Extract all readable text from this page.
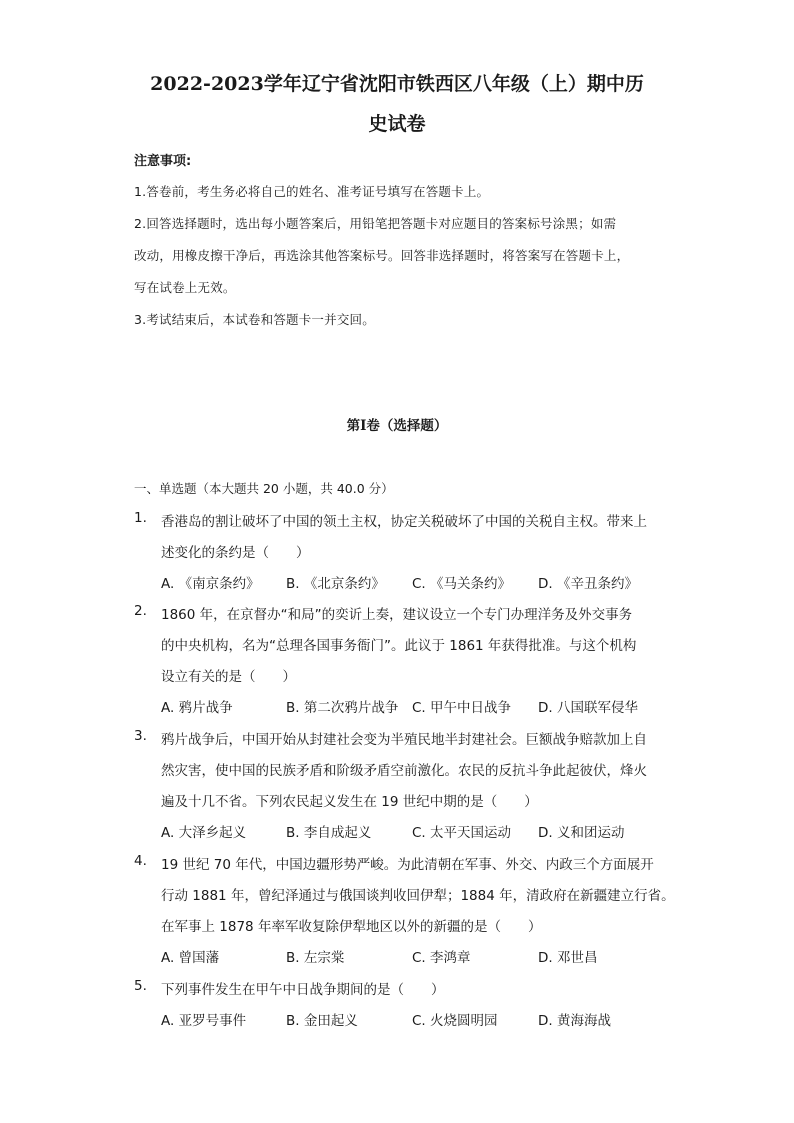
2022-2023学年辽宁省沈阳市铁西区八年级（上）期中历
史试卷
注意事项:
1.答卷前，考生务必将自己的姓名、准考证号填写在答题卡上。
2.回答选择题时，选出每小题答案后，用铅笔把答题卡对应题目的答案标号涂黑；如需
改动，用橡皮擦干净后，再选涂其他答案标号。回答非选择题时，将答案写在答题卡上，
写在试卷上无效。
3.考试结束后，本试卷和答题卡一并交回。
第I卷（选择题）
一、单选题（本大题共 20 小题，共 40.0 分）
1. 香港岛的割让破坏了中国的领土主权，协定关税破坏了中国的关税自主权。带来上
述变化的条约是（　　）
A. 《南京条约》 B. 《北京条约》 C. 《马关条约》 D. 《辛丑条约》
2. 1860 年，在京督办“和局”的奕䜣上奏，建议设立一个专门办理洋务及外交事务
的中央机构，名为“总理各国事务衙门”。此议于 1861 年获得批准。与这个机构
设立有关的是（　　）
A. 鸦片战争	B. 第二次鸦片战争 C. 甲午中日战争 D. 八国联军侵华
3. 鸦片战争后，中国开始从封建社会变为半殖民地半封建社会。巨额战争赔款加上自
然灾害，使中国的民族矛盾和阶级矛盾空前激化。农民的反抗斗争此起彼伏，烽火
遍及十几不省。下列农民起义发生在 19 世纪中期的是（　　）
A. 大泽乡起义	B. 李自成起义	C. 太平天国运动 D. 义和团运动
4. 19 世纪 70 年代，中国边疆形势严峻。为此清朝在军事、外交、内政三个方面展开
行动 1881 年，曾纪泽通过与俄国谈判收回伊犁；1884 年，清政府在新疆建立行省。
在军事上 1878 年率军收复除伊犁地区以外的新疆的是（　　）
A. 曾国藩	B. 左宗棠	C. 李鸿章	D. 邓世昌
5. 下列事件发生在甲午中日战争期间的是（　　）
A. 亚罗号事件	B. 金田起义	C. 火烧圆明园	D. 黄海海战
